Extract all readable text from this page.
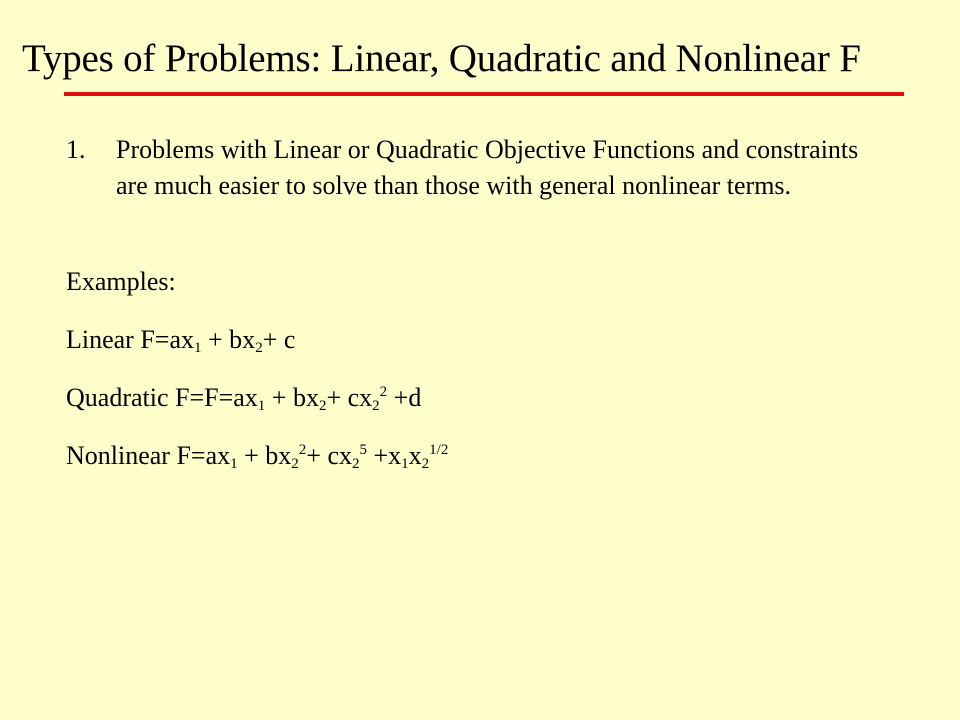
Types of Problems: Linear, Quadratic and Nonlinear F
1.	Problems with Linear or Quadratic Objective Functions and constraints are much easier to solve than those with general nonlinear terms.
Examples:
Linear $F=ax_1 + bx_2+ c$
Quadratic $F=F=ax_1 + bx_2+ cx_2^2 +d$
Nonlinear $F=ax_1 + bx_2^2+ cx_2^5 +x_1x_2^{1/2}$
